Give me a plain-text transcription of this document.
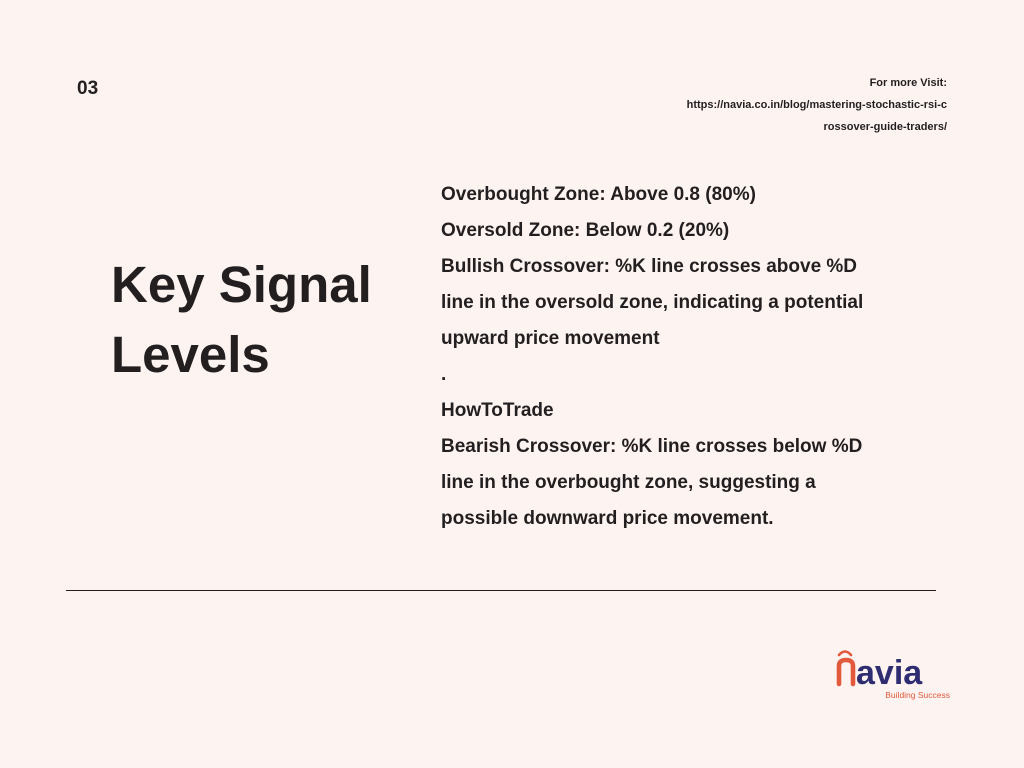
03	For more Visit:
https://navia.co.in/blog/mastering-stochastic-rsi-c
rossover-guide-traders/
Key Signal
Levels
Overbought Zone: Above 0.8 (80%)
Oversold Zone: Below 0.2 (20%)
Bullish Crossover: %K line crosses above %D
line in the oversold zone, indicating a potential
upward price movement
.
HowToTrade
Bearish Crossover: %K line crosses below %D
line in the overbought zone, suggesting a
possible downward price movement.
avia
Building Success
